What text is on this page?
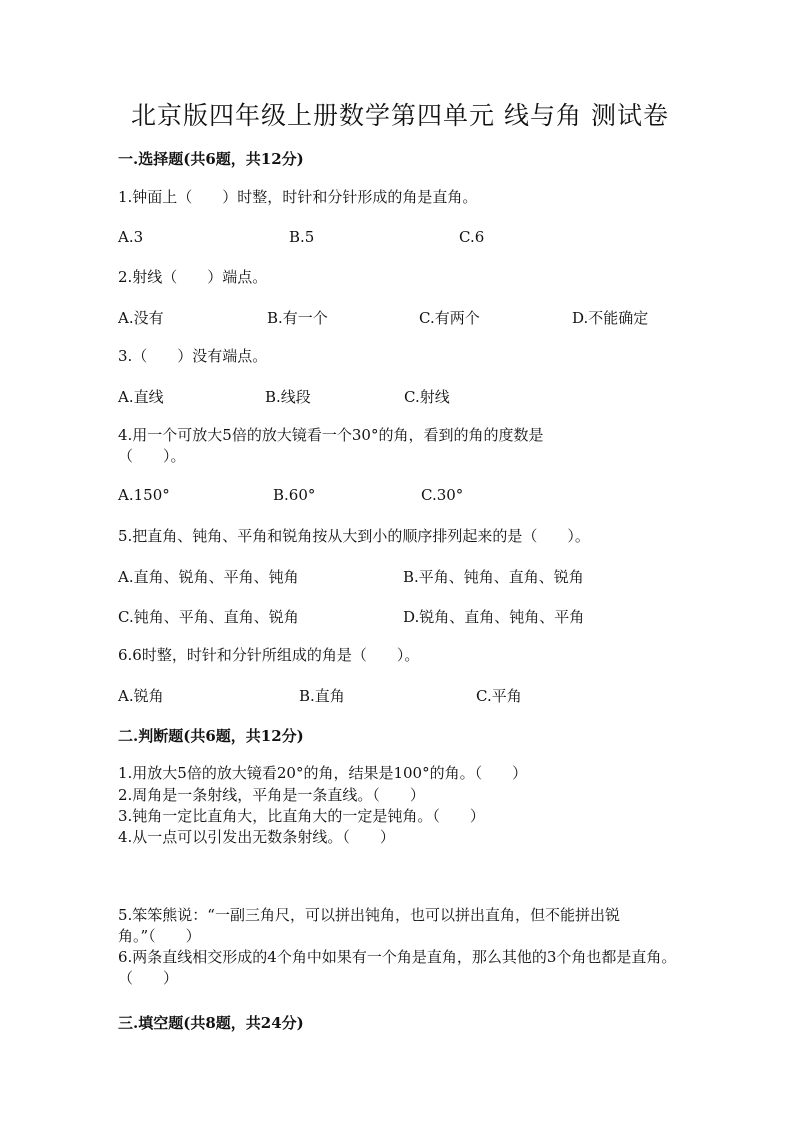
北京版四年级上册数学第四单元 线与角 测试卷
一.选择题(共6题，共12分)
1.钟面上（　　）时整，时针和分针形成的角是直角。
A.3	B.5	C.6
2.射线（　　）端点。
A.没有	B.有一个	C.有两个	D.不能确定
3.（　　）没有端点。
A.直线	B.线段	C.射线
4.用一个可放大5倍的放大镜看一个30°的角，看到的角的度数是
（　　）。
A.150°	B.60°	C.30°
5.把直角、钝角、平角和锐角按从大到小的顺序排列起来的是（　　）。
A.直角、锐角、平角、钝角	B.平角、钝角、直角、锐角
C.钝角、平角、直角、锐角	D.锐角、直角、钝角、平角
6.6时整，时针和分针所组成的角是（　　）。
A.锐角	B.直角	C.平角
二.判断题(共6题，共12分)
1.用放大5倍的放大镜看20°的角，结果是100°的角。（　　）
2.周角是一条射线，平角是一条直线。（　　）
3.钝角一定比直角大，比直角大的一定是钝角。（　　）
4.从一点可以引发出无数条射线。（　　）
5.笨笨熊说：“一副三角尺，可以拼出钝角，也可以拼出直角，但不能拼出锐角。”（　　）
6.两条直线相交形成的4个角中如果有一个角是直角，那么其他的3个角也都是直角。（　　）
三.填空题(共8题，共24分)
